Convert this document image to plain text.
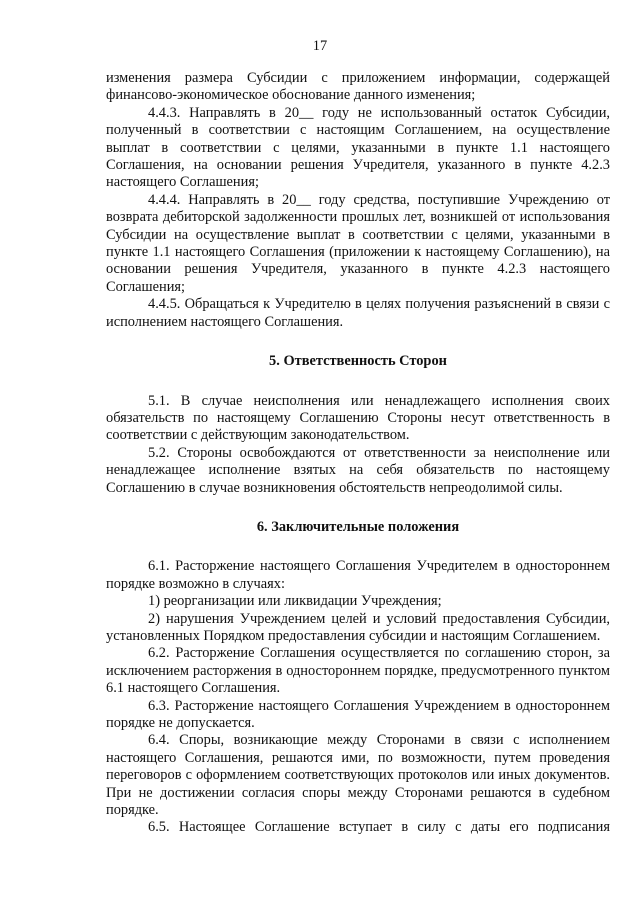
17

изменения размера Субсидии с приложением информации, содержащей финансово-экономическое обоснование данного изменения;

4.4.3. Направлять в 20__ году не использованный остаток Субсидии, полученный в соответствии с настоящим Соглашением, на осуществление выплат в соответствии с целями, указанными в пункте 1.1 настоящего Соглашения, на основании решения Учредителя, указанного в пункте 4.2.3 настоящего Соглашения;

4.4.4. Направлять в 20__ году средства, поступившие Учреждению от возврата дебиторской задолженности прошлых лет, возникшей от использования Субсидии на осуществление выплат в соответствии с целями, указанными в пункте 1.1 настоящего Соглашения (приложении к настоящему Соглашению), на основании решения Учредителя, указанного в пункте 4.2.3 настоящего Соглашения;

4.4.5. Обращаться к Учредителю в целях получения разъяснений в связи с исполнением настоящего Соглашения.

5. Ответственность Сторон

5.1. В случае неисполнения или ненадлежащего исполнения своих обязательств по настоящему Соглашению Стороны несут ответственность в соответствии с действующим законодательством.

5.2. Стороны освобождаются от ответственности за неисполнение или ненадлежащее исполнение взятых на себя обязательств по настоящему Соглашению в случае возникновения обстоятельств непреодолимой силы.

6. Заключительные положения

6.1. Расторжение настоящего Соглашения Учредителем в одностороннем порядке возможно в случаях:

1) реорганизации или ликвидации Учреждения;

2) нарушения Учреждением целей и условий предоставления Субсидии, установленных Порядком предоставления субсидии и настоящим Соглашением.

6.2. Расторжение Соглашения осуществляется по соглашению сторон, за исключением расторжения в одностороннем порядке, предусмотренного пунктом 6.1 настоящего Соглашения.

6.3. Расторжение настоящего Соглашения Учреждением в одностороннем порядке не допускается.

6.4. Споры, возникающие между Сторонами в связи с исполнением настоящего Соглашения, решаются ими, по возможности, путем проведения переговоров с оформлением соответствующих протоколов или иных документов. При не достижении согласия споры между Сторонами решаются в судебном порядке.

6.5. Настоящее Соглашение вступает в силу с даты его подписания
